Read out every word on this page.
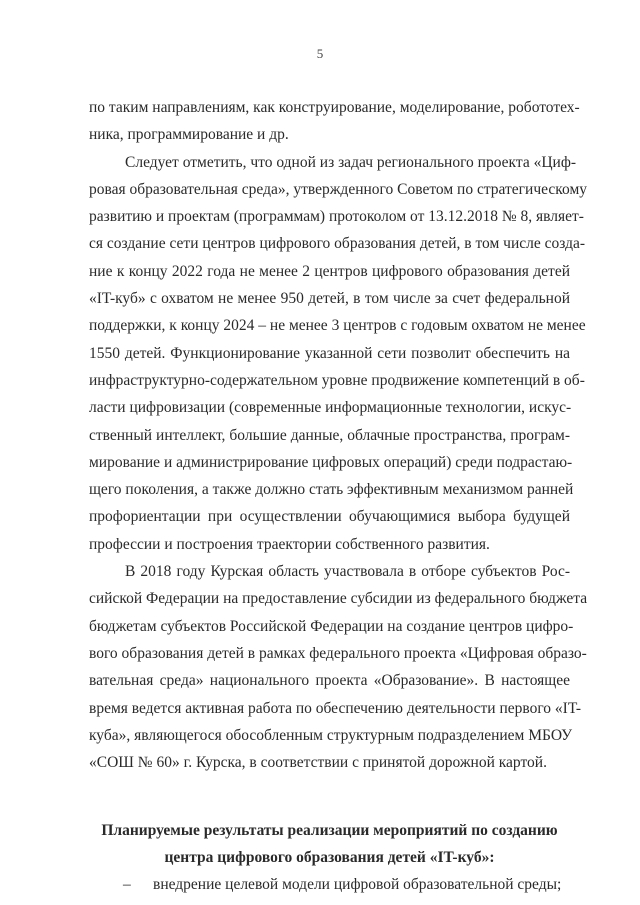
5
по таким направлениям, как конструирование, моделирование, робототех-
ника, программирование и др.
Следует отметить, что одной из задач регионального проекта «Циф-
ровая образовательная среда», утвержденного Советом по стратегическому
развитию и проектам (программам) протоколом от 13.12.2018 № 8, являет-
ся создание сети центров цифрового образования детей, в том числе созда-
ние к концу 2022 года не менее 2 центров цифрового образования детей
«IT-куб» с охватом не менее 950 детей, в том числе за счет федеральной
поддержки, к концу 2024 – не менее 3 центров с годовым охватом не менее
1550 детей. Функционирование указанной сети позволит обеспечить на
инфраструктурно-содержательном уровне продвижение компетенций в об-
ласти цифровизации (современные информационные технологии, искус-
ственный интеллект, большие данные, облачные пространства, програм-
мирование и администрирование цифровых операций) среди подрастаю-
щего поколения, а также должно стать эффективным механизмом ранней
профориентации при осуществлении обучающимися выбора будущей
профессии и построения траектории собственного развития.
В 2018 году Курская область участвовала в отборе субъектов Рос-
сийской Федерации на предоставление субсидии из федерального бюджета
бюджетам субъектов Российской Федерации на создание центров цифро-
вого образования детей в рамках федерального проекта «Цифровая образо-
вательная среда» национального проекта «Образование». В настоящее
время ведется активная работа по обеспечению деятельности первого «IT-
куба», являющегося обособленным структурным подразделением МБОУ
«СОШ № 60» г. Курска, в соответствии с принятой дорожной картой.
Планируемые результаты реализации мероприятий по созданию
центра цифрового образования детей «IT-куб»:
–	внедрение целевой модели цифровой образовательной среды;
